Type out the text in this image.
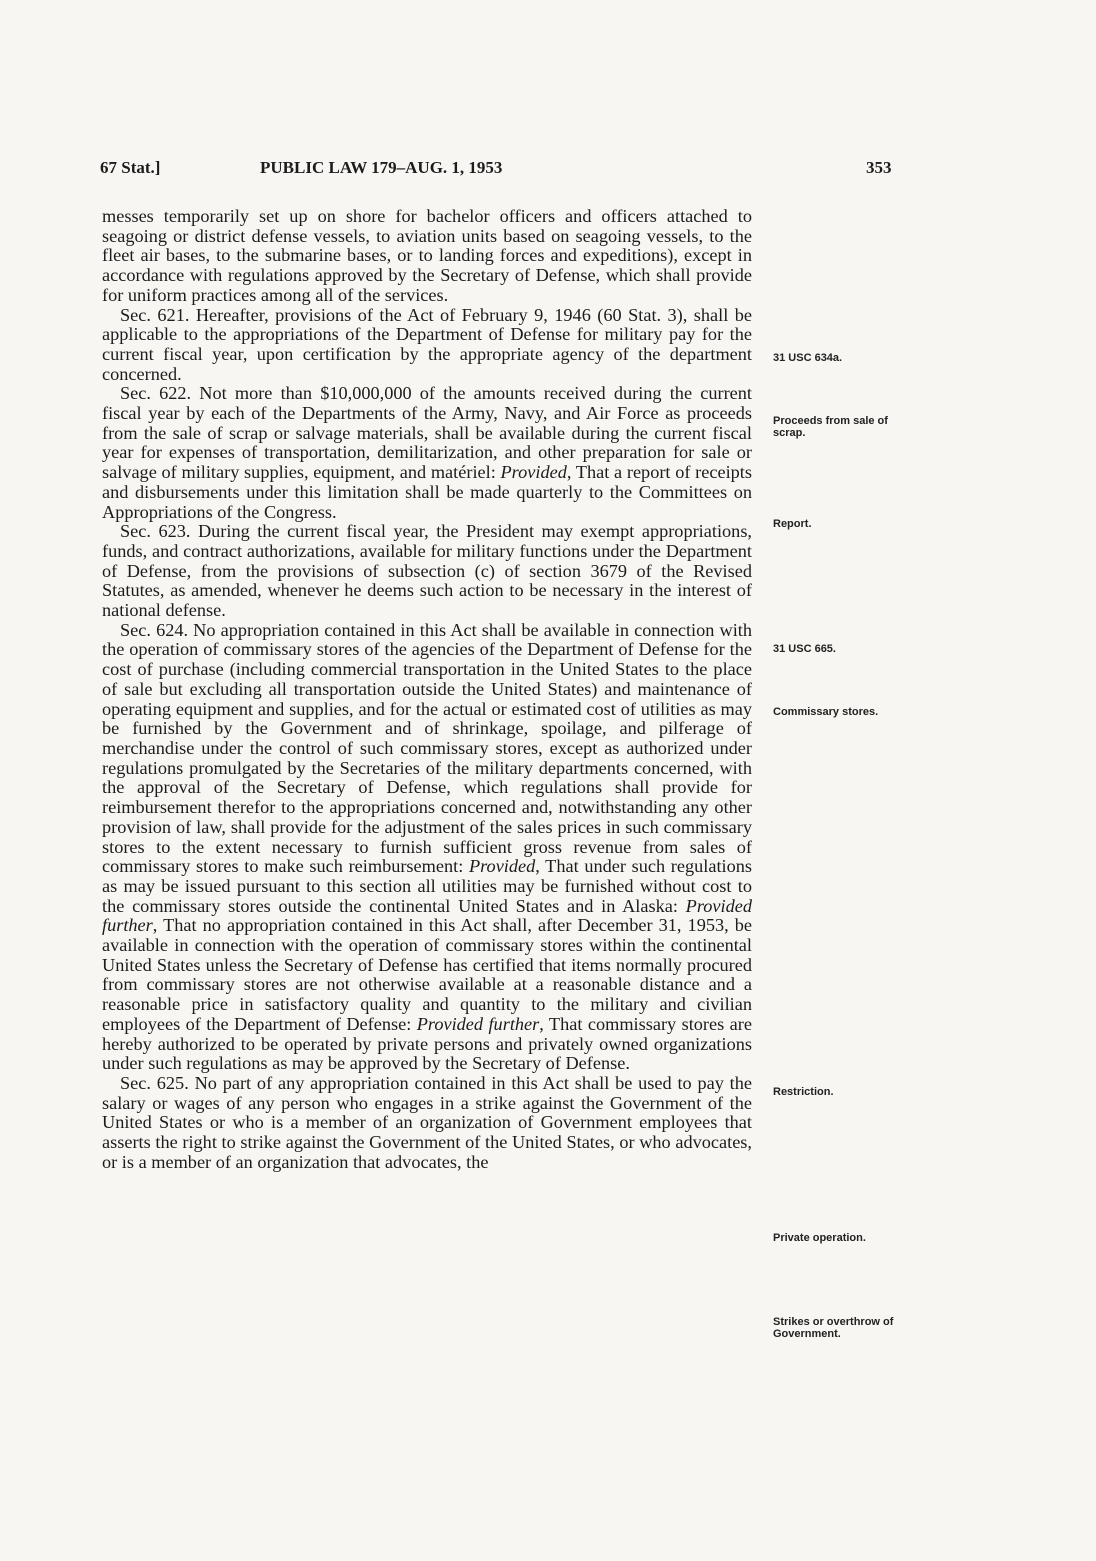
67 Stat.]	PUBLIC LAW 179–AUG. 1, 1953	353

messes temporarily set up on shore for bachelor officers and officers attached to seagoing or district defense vessels, to aviation units based on seagoing vessels, to the fleet air bases, to the submarine bases, or to landing forces and expeditions), except in accordance with regulations approved by the Secretary of Defense, which shall provide for uniform practices among all of the services.

Sec. 621. Hereafter, provisions of the Act of February 9, 1946 (60 Stat. 3), shall be applicable to the appropriations of the Department of Defense for military pay for the current fiscal year, upon certification by the appropriate agency of the department concerned.

Sec. 622. Not more than $10,000,000 of the amounts received during the current fiscal year by each of the Departments of the Army, Navy, and Air Force as proceeds from the sale of scrap or salvage materials, shall be available during the current fiscal year for expenses of transportation, demilitarization, and other preparation for sale or salvage of military supplies, equipment, and matériel: Provided, That a report of receipts and disbursements under this limitation shall be made quarterly to the Committees on Appropriations of the Congress.

Sec. 623. During the current fiscal year, the President may exempt appropriations, funds, and contract authorizations, available for military functions under the Department of Defense, from the provisions of subsection (c) of section 3679 of the Revised Statutes, as amended, whenever he deems such action to be necessary in the interest of national defense.

Sec. 624. No appropriation contained in this Act shall be available in connection with the operation of commissary stores of the agencies of the Department of Defense for the cost of purchase (including commercial transportation in the United States to the place of sale but excluding all transportation outside the United States) and maintenance of operating equipment and supplies, and for the actual or estimated cost of utilities as may be furnished by the Government and of shrinkage, spoilage, and pilferage of merchandise under the control of such commissary stores, except as authorized under regulations promulgated by the Secretaries of the military departments concerned, with the approval of the Secretary of Defense, which regulations shall provide for reimbursement therefor to the appropriations concerned and, notwithstanding any other provision of law, shall provide for the adjustment of the sales prices in such commissary stores to the extent necessary to furnish sufficient gross revenue from sales of commissary stores to make such reimbursement: Provided, That under such regulations as may be issued pursuant to this section all utilities may be furnished without cost to the commissary stores outside the continental United States and in Alaska: Provided further, That no appropriation contained in this Act shall, after December 31, 1953, be available in connection with the operation of commissary stores within the continental United States unless the Secretary of Defense has certified that items normally procured from commissary stores are not otherwise available at a reasonable distance and a reasonable price in satisfactory quality and quantity to the military and civilian employees of the Department of Defense: Provided further, That commissary stores are hereby authorized to be operated by private persons and privately owned organizations under such regulations as may be approved by the Secretary of Defense.

Sec. 625. No part of any appropriation contained in this Act shall be used to pay the salary or wages of any person who engages in a strike against the Government of the United States or who is a member of an organization of Government employees that asserts the right to strike against the Government of the United States, or who advocates, or is a member of an organization that advocates, the

31 USC 634a.
Proceeds from sale of scrap.
Report.
31 USC 665.
Commissary stores.
Restriction.
Private operation.
Strikes or overthrow of Government.
